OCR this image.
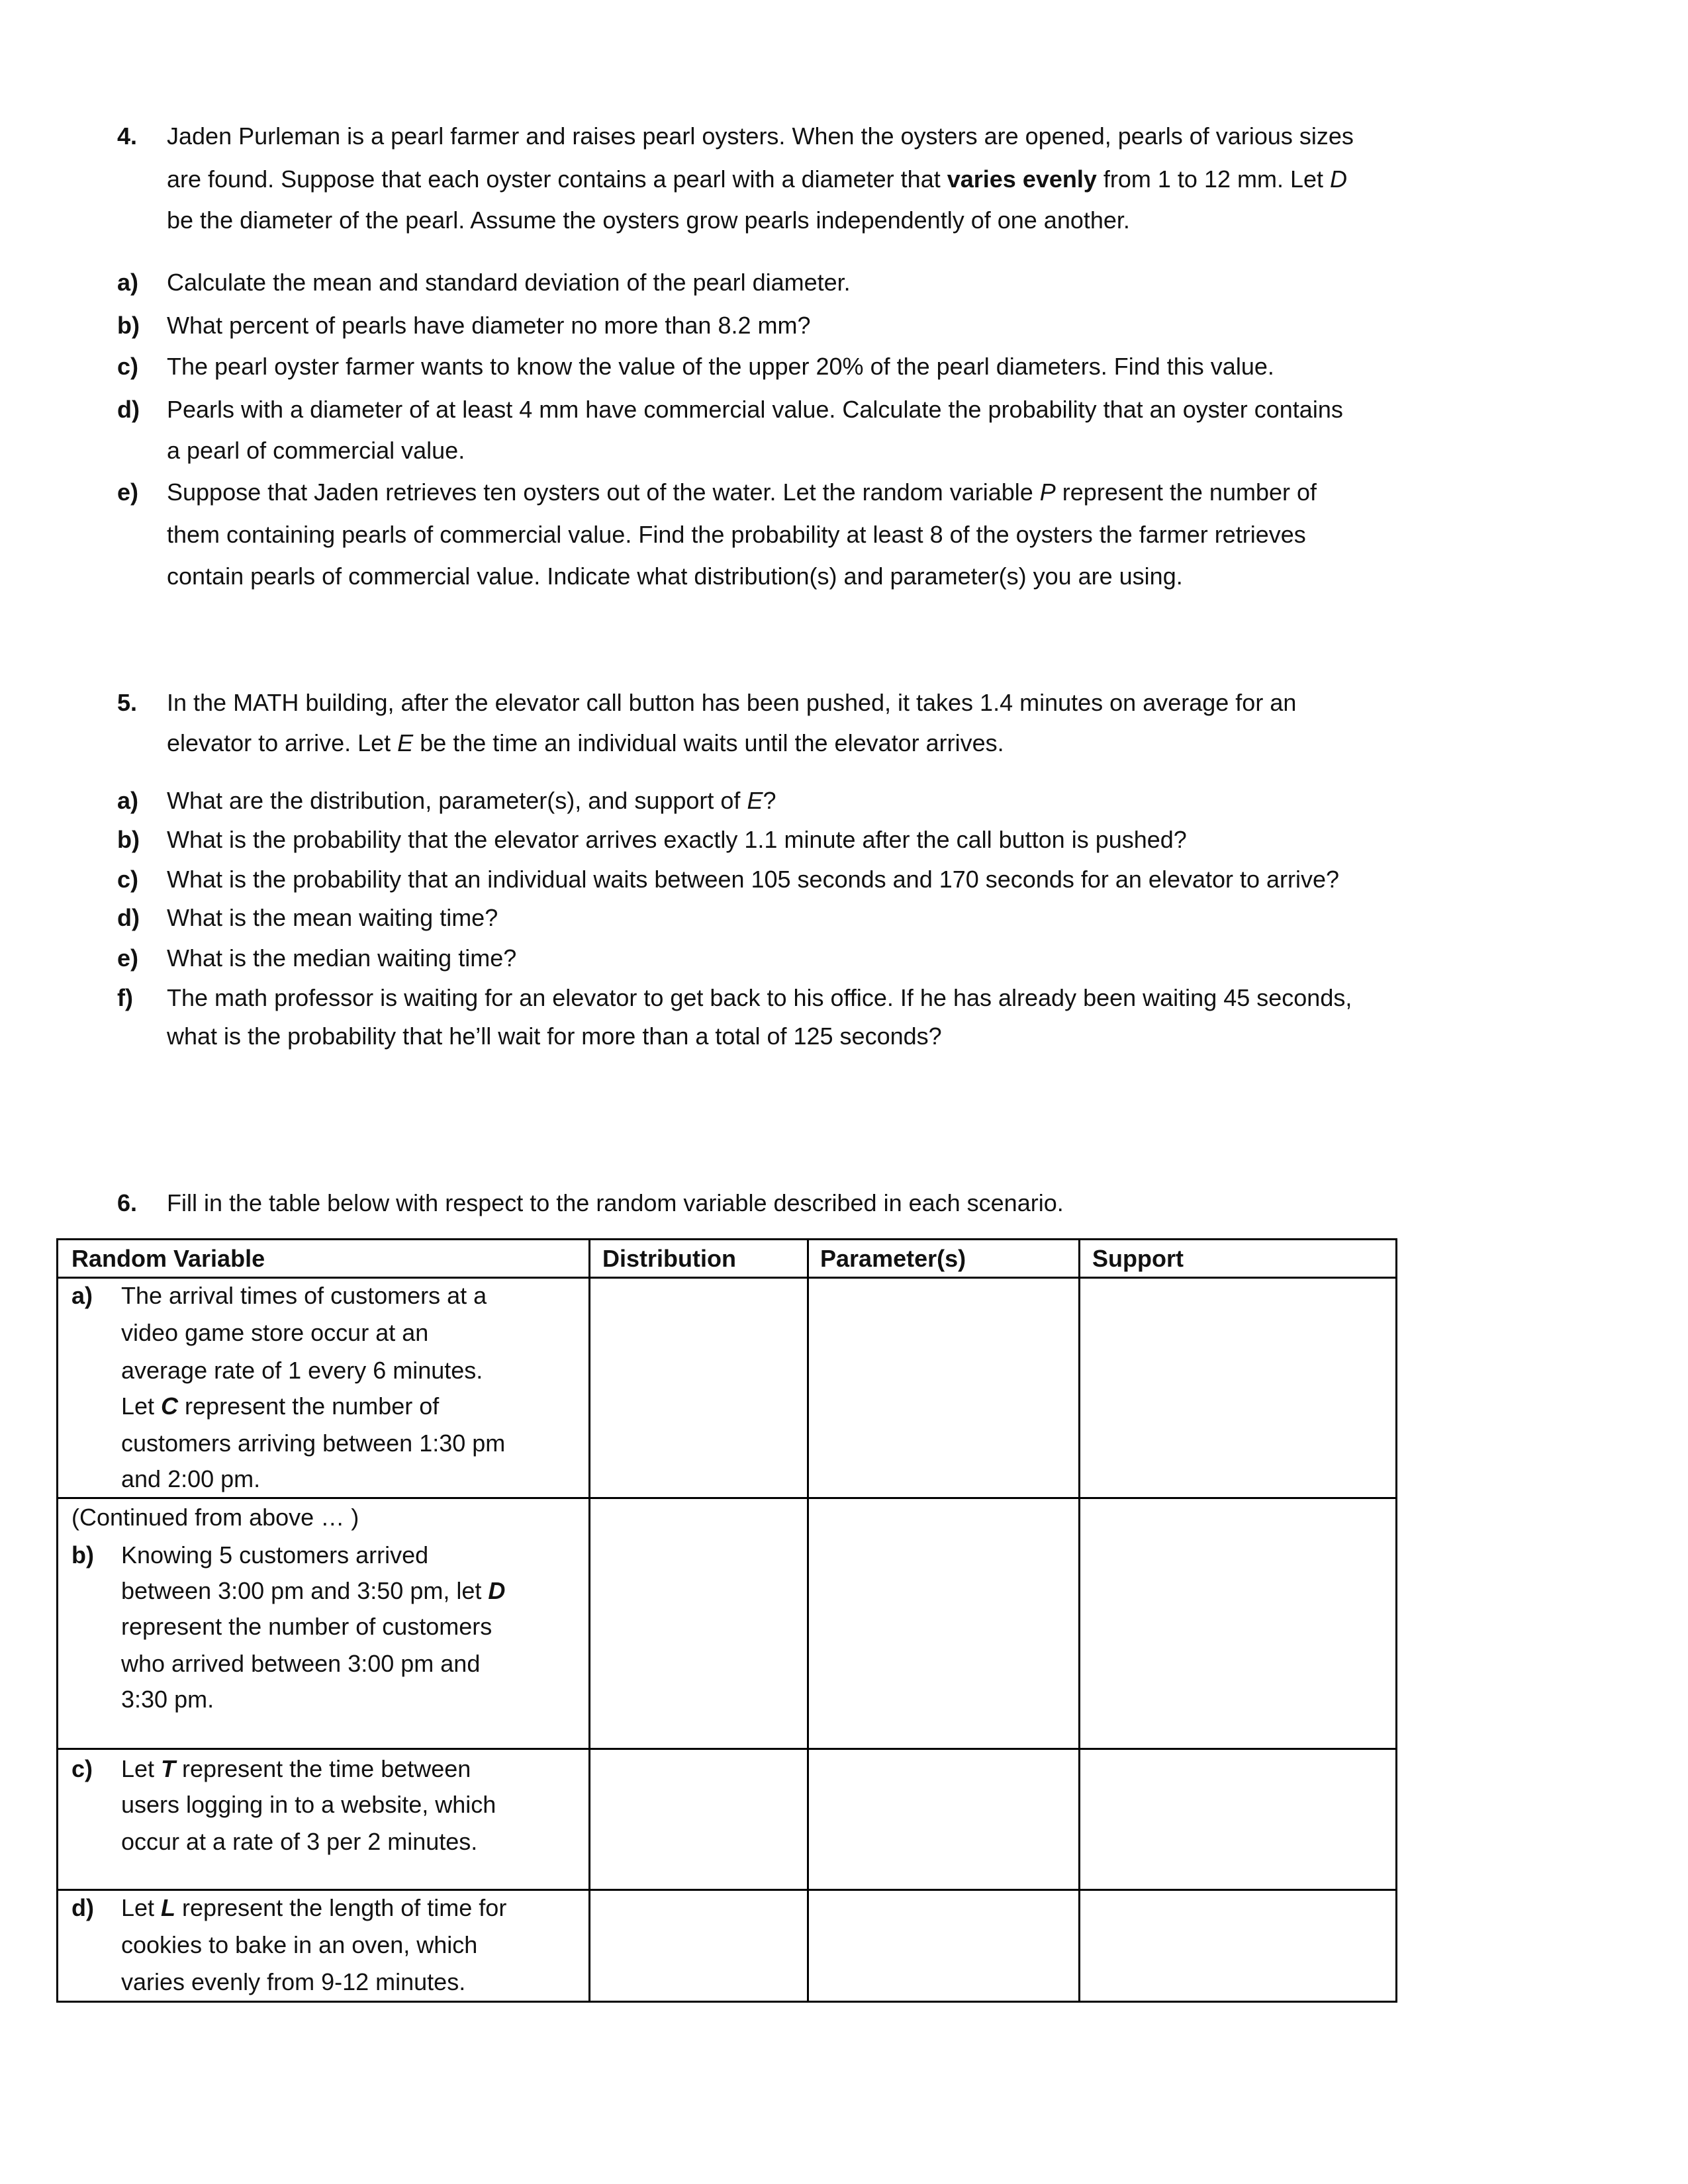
4. Jaden Purleman is a pearl farmer and raises pearl oysters. When the oysters are opened, pearls of various sizes
are found. Suppose that each oyster contains a pearl with a diameter that varies evenly from 1 to 12 mm. Let D
be the diameter of the pearl. Assume the oysters grow pearls independently of one another.
a) Calculate the mean and standard deviation of the pearl diameter.
b) What percent of pearls have diameter no more than 8.2 mm?
c) The pearl oyster farmer wants to know the value of the upper 20% of the pearl diameters. Find this value.
d) Pearls with a diameter of at least 4 mm have commercial value. Calculate the probability that an oyster contains
a pearl of commercial value.
e) Suppose that Jaden retrieves ten oysters out of the water. Let the random variable P represent the number of
them containing pearls of commercial value. Find the probability at least 8 of the oysters the farmer retrieves
contain pearls of commercial value. Indicate what distribution(s) and parameter(s) you are using.
5. In the MATH building, after the elevator call button has been pushed, it takes 1.4 minutes on average for an
elevator to arrive. Let E be the time an individual waits until the elevator arrives.
a) What are the distribution, parameter(s), and support of E?
b) What is the probability that the elevator arrives exactly 1.1 minute after the call button is pushed?
c) What is the probability that an individual waits between 105 seconds and 170 seconds for an elevator to arrive?
d) What is the mean waiting time?
e) What is the median waiting time?
f) The math professor is waiting for an elevator to get back to his office. If he has already been waiting 45 seconds,
what is the probability that he’ll wait for more than a total of 125 seconds?
6. Fill in the table below with respect to the random variable described in each scenario.
Random Variable	Distribution	Parameter(s)	Support
a) The arrival times of customers at a
video game store occur at an
average rate of 1 every 6 minutes.
Let C represent the number of
customers arriving between 1:30 pm
and 2:00 pm.
(Continued from above … )
b) Knowing 5 customers arrived
between 3:00 pm and 3:50 pm, let D
represent the number of customers
who arrived between 3:00 pm and
3:30 pm.
c) Let T represent the time between
users logging in to a website, which
occur at a rate of 3 per 2 minutes.
d) Let L represent the length of time for
cookies to bake in an oven, which
varies evenly from 9-12 minutes.
